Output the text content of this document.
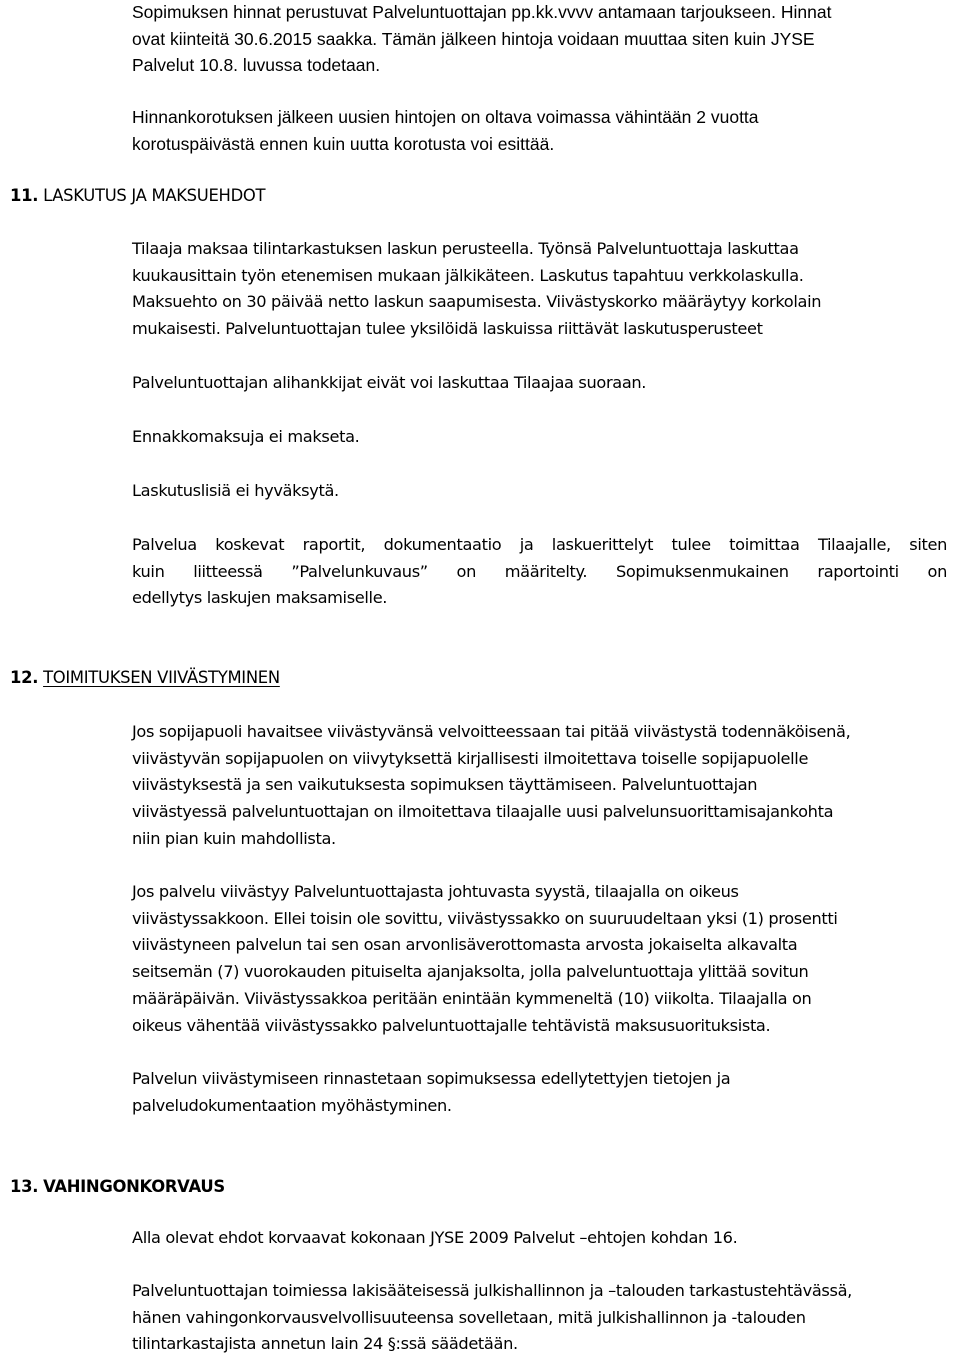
Sopimuksen hinnat perustuvat Palveluntuottajan pp.kk.vvvv antamaan tarjoukseen. Hinnat
ovat kiinteitä 30.6.2015 saakka. Tämän jälkeen hintoja voidaan muuttaa siten kuin JYSE
Palvelut 10.8. luvussa todetaan.
Hinnankorotuksen jälkeen uusien hintojen on oltava voimassa vähintään 2 vuotta
korotuspäivästä ennen kuin uutta korotusta voi esittää.
11. LASKUTUS JA MAKSUEHDOT
Tilaaja maksaa tilintarkastuksen laskun perusteella. Työnsä Palveluntuottaja laskuttaa
kuukausittain työn etenemisen mukaan jälkikäteen. Laskutus tapahtuu verkkolaskulla.
Maksuehto on 30 päivää netto laskun saapumisesta. Viivästyskorko määräytyy korkolain
mukaisesti. Palveluntuottajan tulee yksilöidä laskuissa riittävät laskutusperusteet

Palveluntuottajan alihankkijat eivät voi laskuttaa Tilaajaa suoraan.

Ennakkomaksuja ei makseta.

Laskutuslisiä ei hyväksytä.

Palvelua koskevat raportit, dokumentaatio ja laskuerittelyt tulee toimittaa Tilaajalle, siten
kuin liitteessä ”Palvelunkuvaus” on määritelty. Sopimuksenmukainen raportointi on
edellytys laskujen maksamiselle.
12. TOIMITUKSEN VIIVÄSTYMINEN
Jos sopijapuoli havaitsee viivästyvänsä velvoitteessaan tai pitää viivästystä todennäköisenä,
viivästyvän sopijapuolen on viivytyksettä kirjallisesti ilmoitettava toiselle sopijapuolelle
viivästyksestä ja sen vaikutuksesta sopimuksen täyttämiseen. Palveluntuottajan
viivästyessä palveluntuottajan on ilmoitettava tilaajalle uusi palvelunsuorittamisajankohta
niin pian kuin mahdollista.
Jos palvelu viivästyy Palveluntuottajasta johtuvasta syystä, tilaajalla on oikeus
viivästyssakkoon. Ellei toisin ole sovittu, viivästyssakko on suuruudeltaan yksi (1) prosentti
viivästyneen palvelun tai sen osan arvonlisäverottomasta arvosta jokaiselta alkavalta
seitsemän (7) vuorokauden pituiselta ajanjaksolta, jolla palveluntuottaja ylittää sovitun
määräpäivän. Viivästyssakkoa peritään enintään kymmeneltä (10) viikolta. Tilaajalla on
oikeus vähentää viivästyssakko palveluntuottajalle tehtävistä maksusuorituksista.
Palvelun viivästymiseen rinnastetaan sopimuksessa edellytettyjen tietojen ja
palveludokumentaation myöhästyminen.
13. VAHINGONKORVAUS

Alla olevat ehdot korvaavat kokonaan JYSE 2009 Palvelut –ehtojen kohdan 16.

Palveluntuottajan toimiessa lakisääteisessä julkishallinnon ja –talouden tarkastustehtävässä,
hänen vahingonkorvausvelvollisuuteensa sovelletaan, mitä julkishallinnon ja -talouden
tilintarkastajista annetun lain 24 §:ssä säädetään.
